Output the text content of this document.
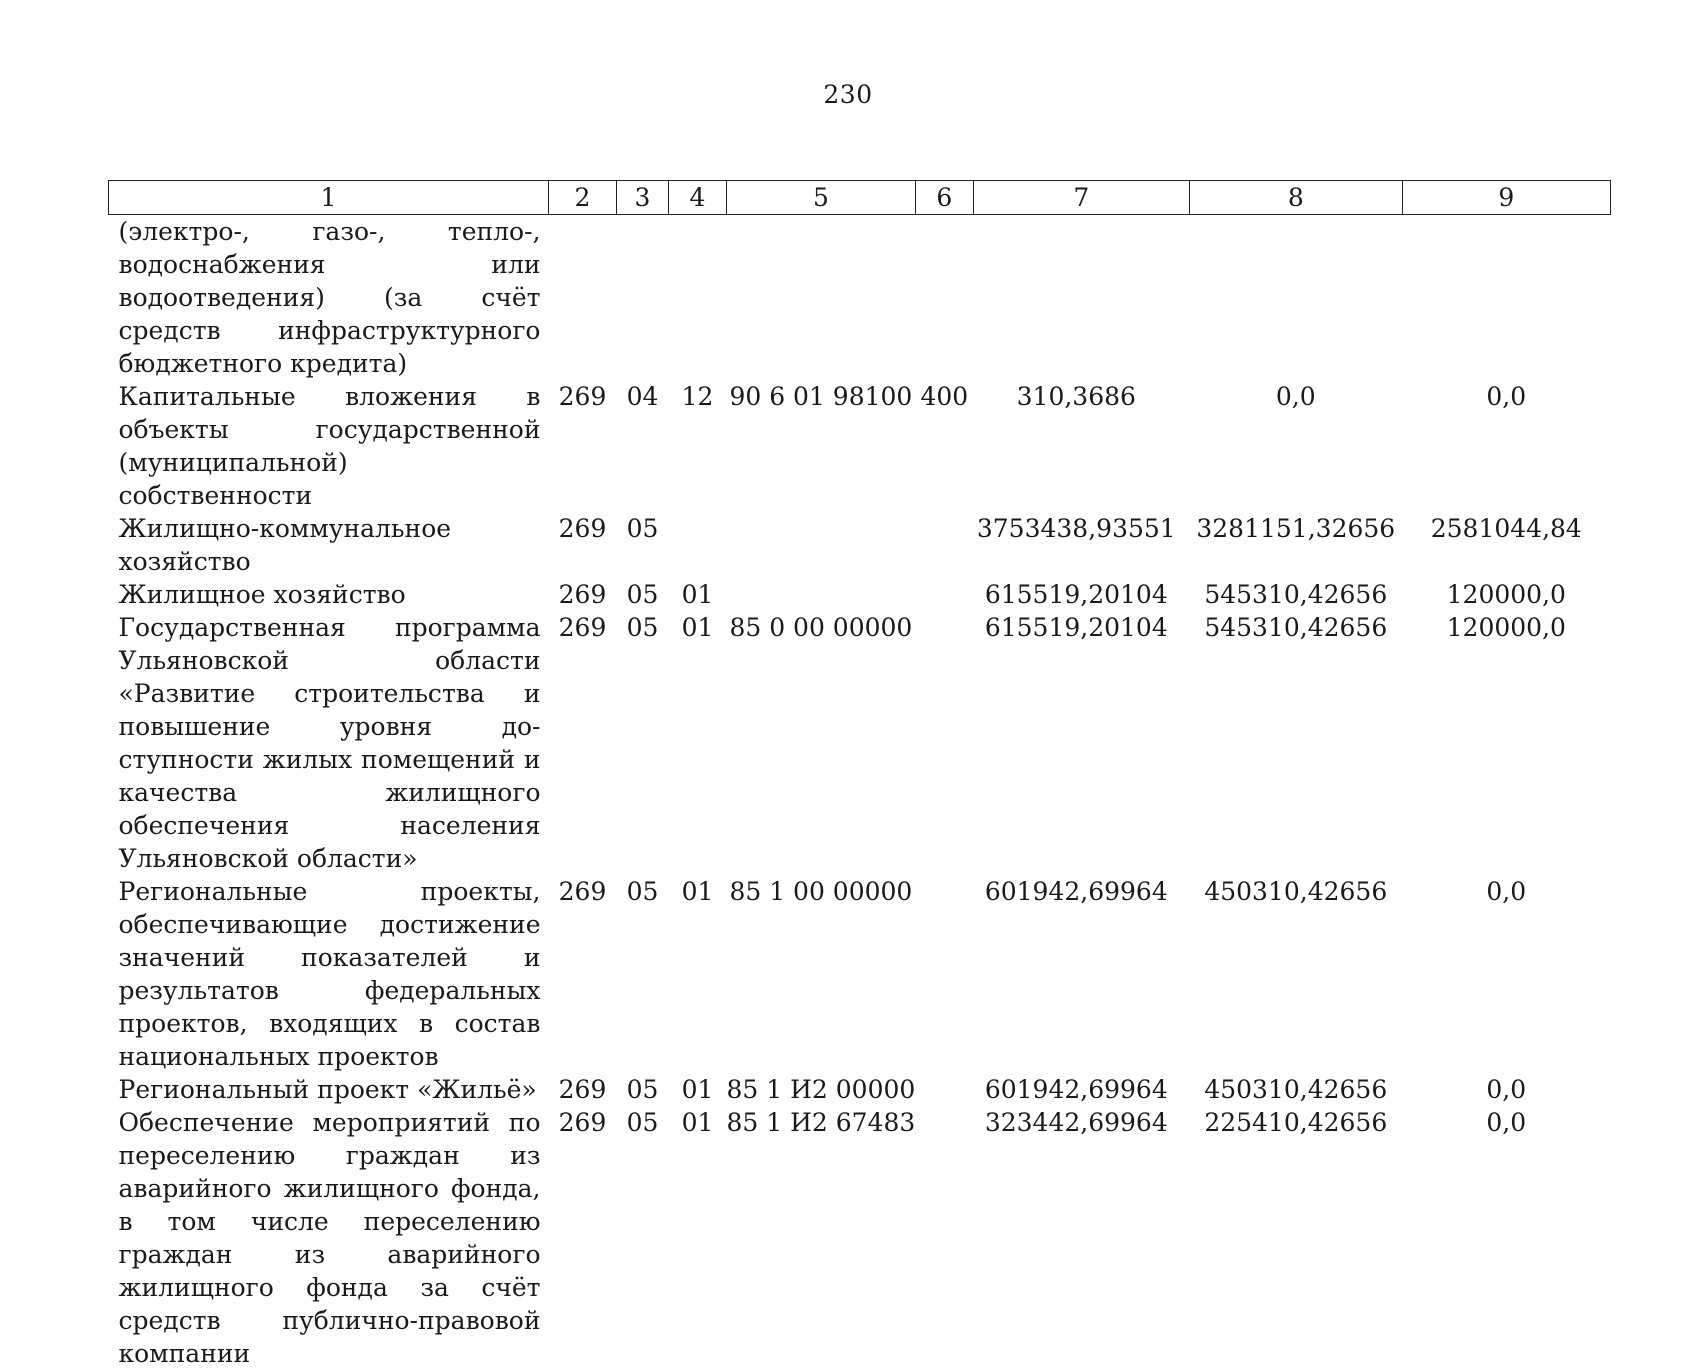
230
1	2	3	4	5	6	7	8	9
(электро-, газо-, тепло-, водоснабжения или водоотведения) (за счёт средств инфраструктурного бюджетного кредита)								
Капитальные вложения в объекты государственной (муниципальной) собственности	269	04	12	90 6 01 98100	400	310,3686	0,0	0,0
Жилищно-коммунальное хозяйство	269	05				3753438,93551	3281151,32656	2581044,84
Жилищное хозяйство	269	05	01			615519,20104	545310,42656	120000,0
Государственная программа Ульяновской области «Развитие строительства и повышение уровня доступности жилых помещений и качества жилищного обеспечения населения Ульяновской области»	269	05	01	85 0 00 00000		615519,20104	545310,42656	120000,0
Региональные проекты, обеспечивающие достижение значений показателей и результатов федеральных проектов, входящих в состав национальных проектов	269	05	01	85 1 00 00000		601942,69964	450310,42656	0,0
Региональный проект «Жильё»	269	05	01	85 1 И2 00000		601942,69964	450310,42656	0,0
Обеспечение мероприятий по переселению граждан из аварийного жилищного фонда, в том числе переселению граждан из аварийного жилищного фонда за счёт средств публично-правовой компании	269	05	01	85 1 И2 67483		323442,69964	225410,42656	0,0
